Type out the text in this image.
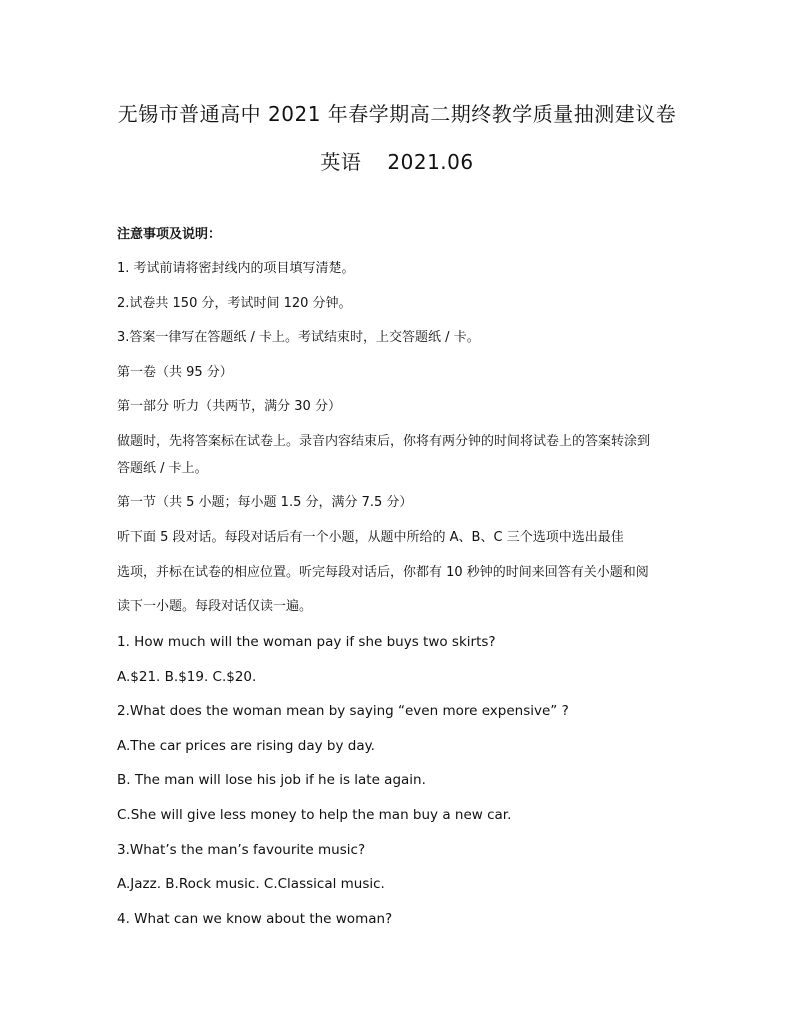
无锡市普通高中 2021 年春学期高二期终教学质量抽测建议卷
英语 2021.06
注意事项及说明：
1. 考试前请将密封线内的项目填写清楚。
2.试卷共 150 分，考试时间 120 分钟。
3.答案一律写在答题纸 / 卡上。考试结束时，上交答题纸 / 卡。
第一卷（共 95 分）
第一部分 听力（共两节，满分 30 分）
做题时，先将答案标在试卷上。录音内容结束后，你将有两分钟的时间将试卷上的答案转涂到
答题纸 / 卡上。
第一节（共 5 小题；每小题 1.5 分，满分 7.5 分）
听下面 5 段对话。每段对话后有一个小题，从题中所给的 A、B、C 三个选项中选出最佳
选项，并标在试卷的相应位置。听完每段对话后，你都有 10 秒钟的时间来回答有关小题和阅
读下一小题。每段对话仅读一遍。
1. How much will the woman pay if she buys two skirts?
A.$21. B.$19. C.$20.
2.What does the woman mean by saying “even more expensive” ?
A.The car prices are rising day by day.
B. The man will lose his job if he is late again.
C.She will give less money to help the man buy a new car.
3.What’s the man’s favourite music?
A.Jazz. B.Rock music. C.Classical music.
4. What can we know about the woman?
